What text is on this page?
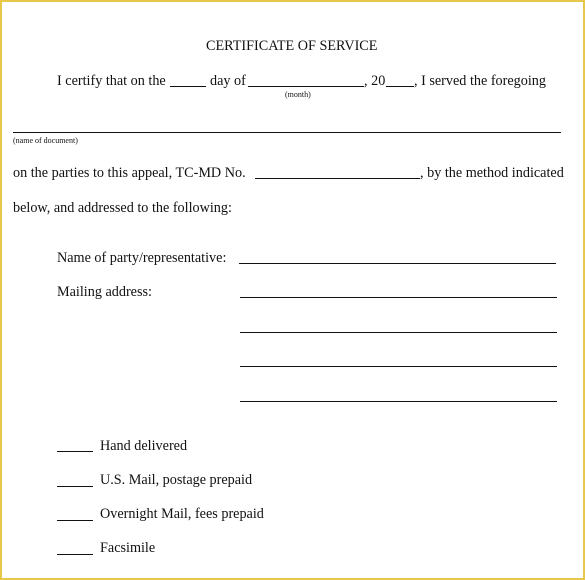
CERTIFICATE OF SERVICE
I certify that on the	day of
(month)
, 20 , I served the foregoing
(name of document)
on the parties to this appeal, TC-MD No.	, by the method indicated
below, and addressed to the following:
Name of party/representative:
Mailing address:
Hand delivered
U.S. Mail, postage prepaid
Overnight Mail, fees prepaid
Facsimile
